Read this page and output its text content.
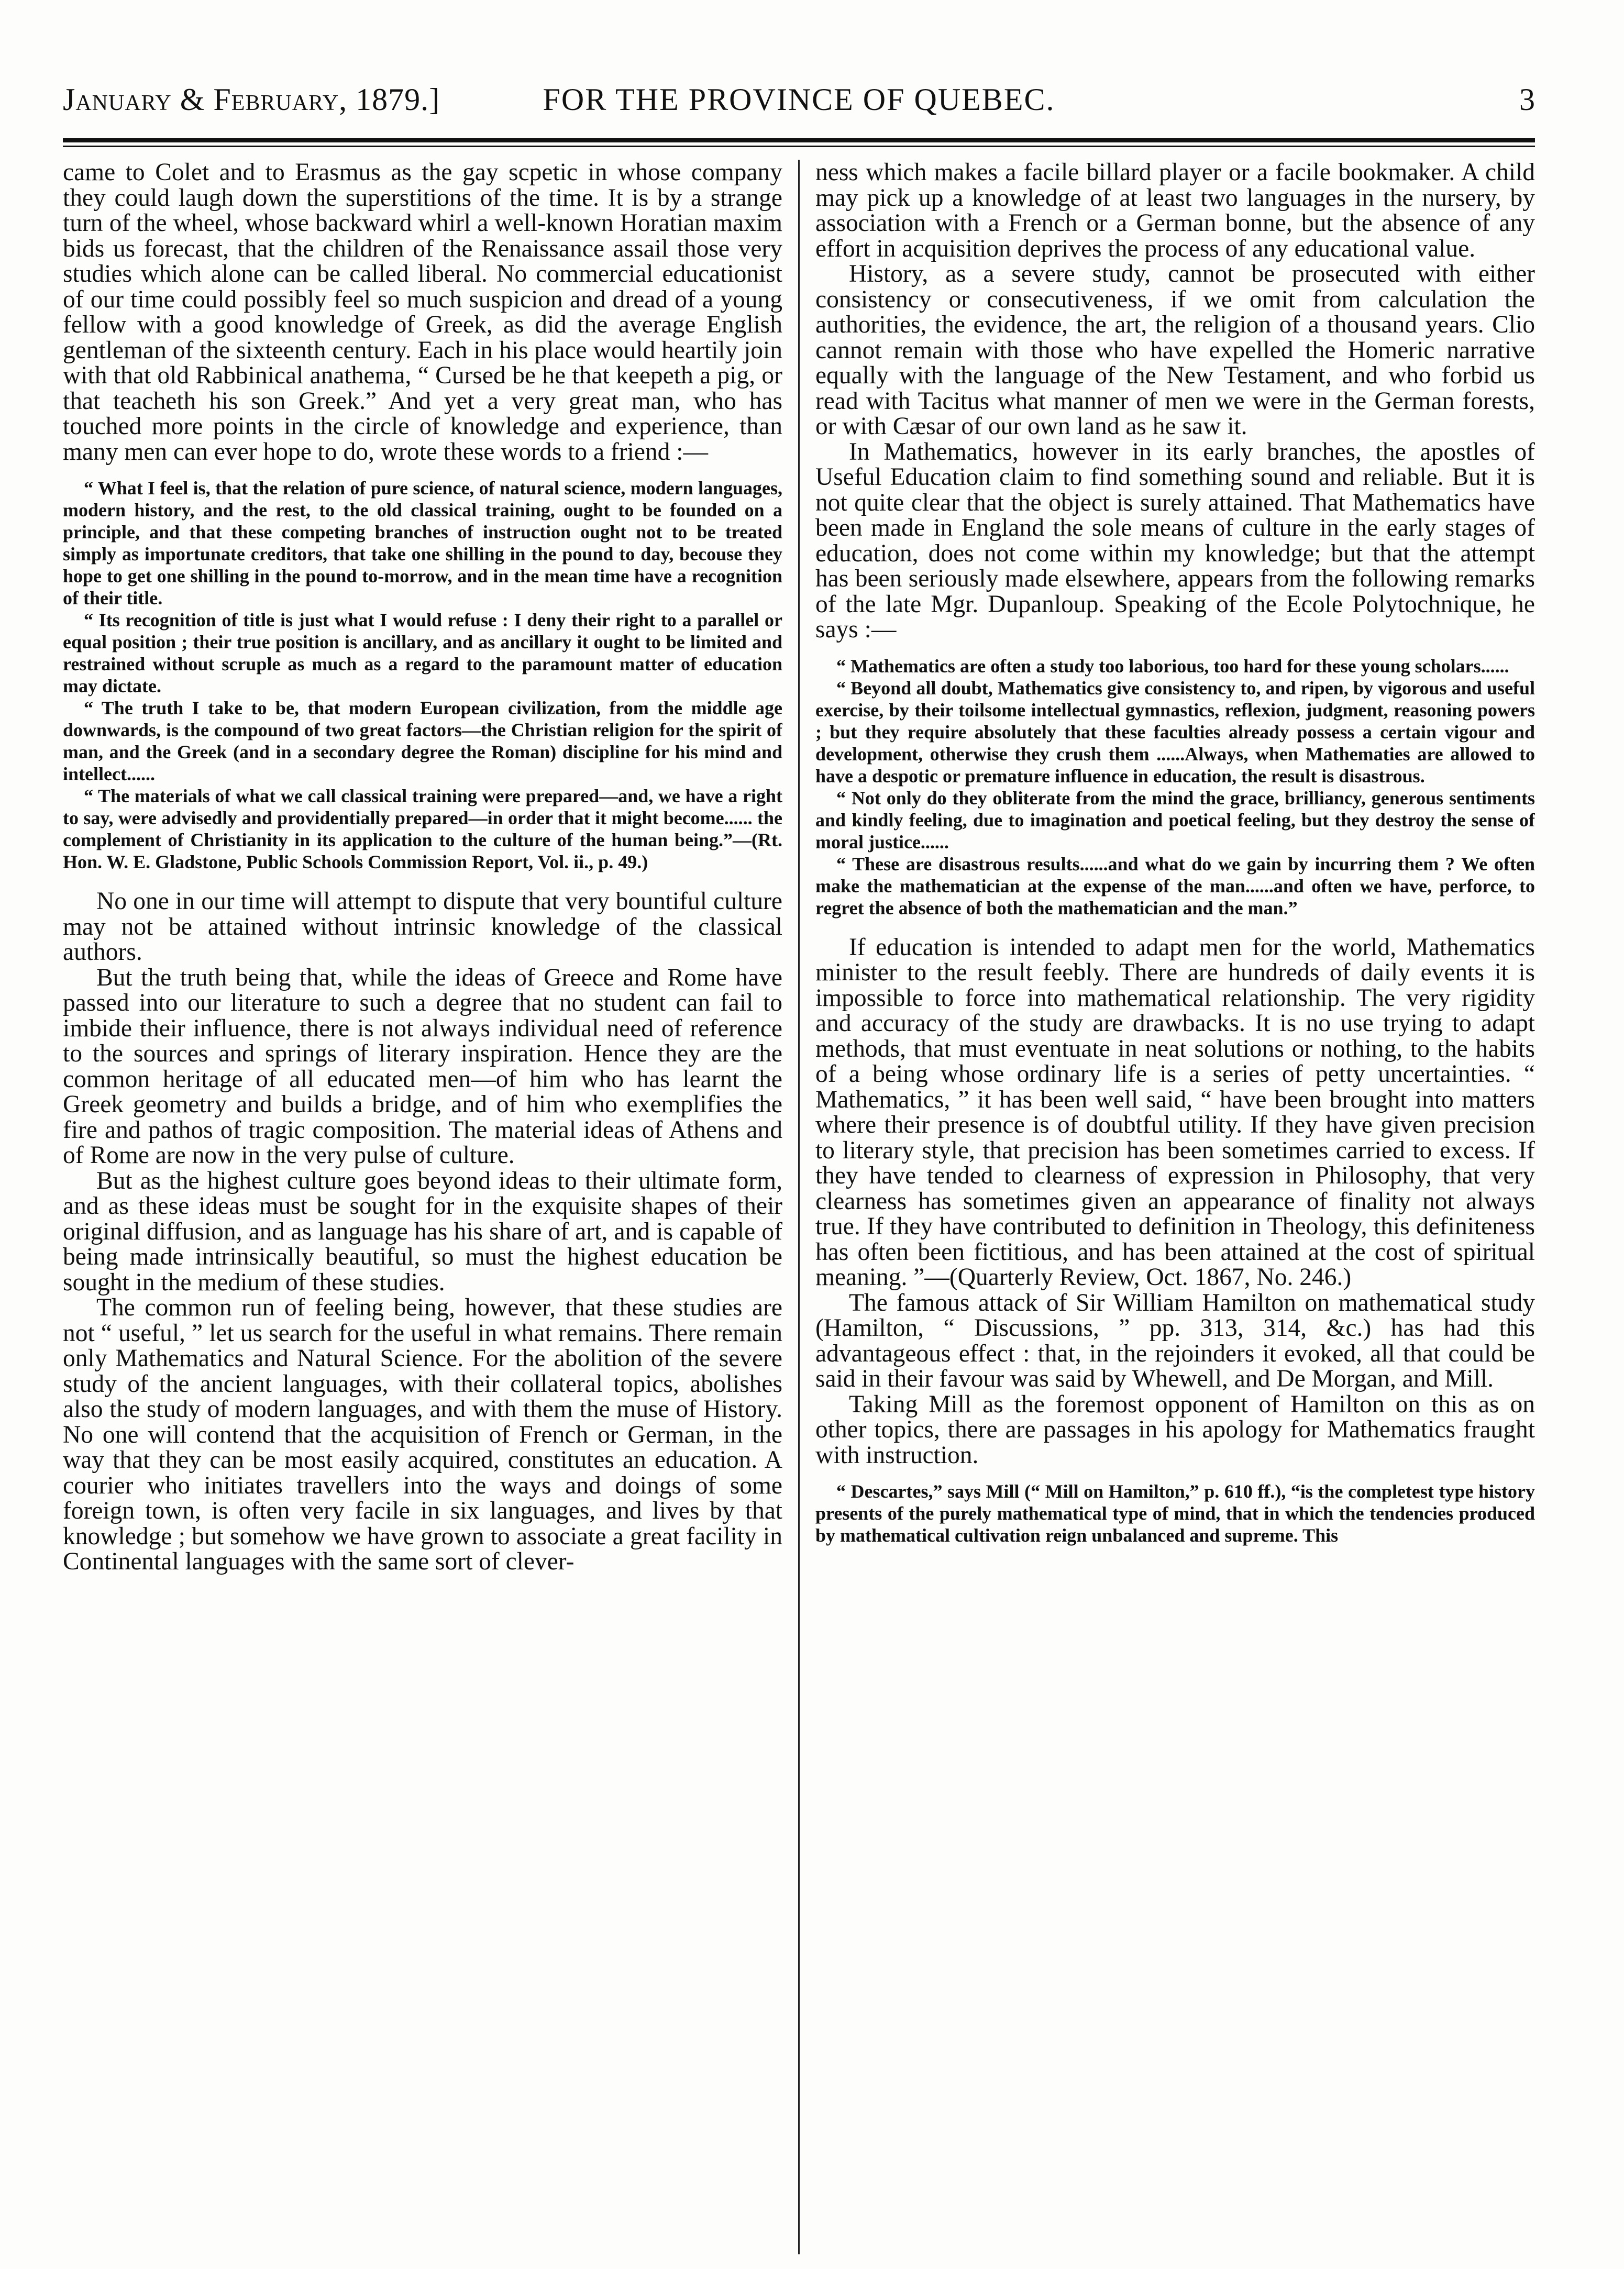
January & February, 1879.]	FOR THE PROVINCE OF QUEBEC.	3

came to Colet and to Erasmus as the gay scpetic in whose company they could laugh down the superstitions of the time. It is by a strange turn of the wheel, whose backward whirl a well-known Horatian maxim bids us forecast, that the children of the Renaissance assail those very studies which alone can be called liberal. No commercial educationist of our time could possibly feel so much suspicion and dread of a young fellow with a good knowledge of Greek, as did the average English gentleman of the sixteenth century. Each in his place would heartily join with that old Rabbinical anathema, “ Cursed be he that keepeth a pig, or that teacheth his son Greek.” And yet a very great man, who has touched more points in the circle of knowledge and experience, than many men can ever hope to do, wrote these words to a friend :—

“ What I feel is, that the relation of pure science, of natural science, modern languages, modern history, and the rest, to the old classical training, ought to be founded on a principle, and that these competing branches of instruction ought not to be treated simply as importunate creditors, that take one shilling in the pound to day, becouse they hope to get one shilling in the pound to-morrow, and in the mean time have a recognition of their title.

“ Its recognition of title is just what I would refuse : I deny their right to a parallel or equal position ; their true position is ancillary, and as ancillary it ought to be limited and restrained without scruple as much as a regard to the paramount matter of education may dictate.

“ The truth I take to be, that modern European civilization, from the middle age downwards, is the compound of two great factors—the Christian religion for the spirit of man, and the Greek (and in a secondary degree the Roman) discipline for his mind and intellect......

“ The materials of what we call classical training were prepared—and, we have a right to say, were advisedly and providentially prepared—in order that it might become...... the complement of Christianity in its application to the culture of the human being.”—(Rt. Hon. W. E. Gladstone, Public Schools Commission Report, Vol. ii., p. 49.)

No one in our time will attempt to dispute that very bountiful culture may not be attained without intrinsic knowledge of the classical authors.

But the truth being that, while the ideas of Greece and Rome have passed into our literature to such a degree that no student can fail to imbide their influence, there is not always individual need of reference to the sources and springs of literary inspiration. Hence they are the common heritage of all educated men—of him who has learnt the Greek geometry and builds a bridge, and of him who exemplifies the fire and pathos of tragic composition. The material ideas of Athens and of Rome are now in the very pulse of culture.

But as the highest culture goes beyond ideas to their ultimate form, and as these ideas must be sought for in the exquisite shapes of their original diffusion, and as language has his share of art, and is capable of being made intrinsically beautiful, so must the highest education be sought in the medium of these studies.

The common run of feeling being, however, that these studies are not “ useful, ” let us search for the useful in what remains. There remain only Mathematics and Natural Science. For the abolition of the severe study of the ancient languages, with their collateral topics, abolishes also the study of modern languages, and with them the muse of History. No one will contend that the acquisition of French or German, in the way that they can be most easily acquired, constitutes an education. A courier who initiates travellers into the ways and doings of some foreign town, is often very facile in six languages, and lives by that knowledge ; but somehow we have grown to associate a great facility in Continental languages with the same sort of clever-

ness which makes a facile billard player or a facile bookmaker. A child may pick up a knowledge of at least two languages in the nursery, by association with a French or a German bonne, but the absence of any effort in acquisition deprives the process of any educational value.

History, as a severe study, cannot be prosecuted with either consistency or consecutiveness, if we omit from calculation the authorities, the evidence, the art, the religion of a thousand years. Clio cannot remain with those who have expelled the Homeric narrative equally with the language of the New Testament, and who forbid us read with Tacitus what manner of men we were in the German forests, or with Cæsar of our own land as he saw it.

In Mathematics, however in its early branches, the apostles of Useful Education claim to find something sound and reliable. But it is not quite clear that the object is surely attained. That Mathematics have been made in England the sole means of culture in the early stages of education, does not come within my knowledge; but that the attempt has been seriously made elsewhere, appears from the following remarks of the late Mgr. Dupanloup. Speaking of the Ecole Polytochnique, he says :—

“ Mathematics are often a study too laborious, too hard for these young scholars......

“ Beyond all doubt, Mathematics give consistency to, and ripen, by vigorous and useful exercise, by their toilsome intellectual gymnastics, reflexion, judgment, reasoning powers ; but they require absolutely that these faculties already possess a certain vigour and development, otherwise they crush them ......Always, when Mathematies are allowed to have a despotic or premature influence in education, the result is disastrous.

“ Not only do they obliterate from the mind the grace, brilliancy, generous sentiments and kindly feeling, due to imagination and poetical feeling, but they destroy the sense of moral justice......

“ These are disastrous results......and what do we gain by incurring them ? We often make the mathematician at the expense of the man......and often we have, perforce, to regret the absence of both the mathematician and the man.”

If education is intended to adapt men for the world, Mathematics minister to the result feebly. There are hundreds of daily events it is impossible to force into mathematical relationship. The very rigidity and accuracy of the study are drawbacks. It is no use trying to adapt methods, that must eventuate in neat solutions or nothing, to the habits of a being whose ordinary life is a series of petty uncertainties. “ Mathematics, ” it has been well said, “ have been brought into matters where their presence is of doubtful utility. If they have given precision to literary style, that precision has been sometimes carried to excess. If they have tended to clearness of expression in Philosophy, that very clearness has sometimes given an appearance of finality not always true. If they have contributed to definition in Theology, this definiteness has often been fictitious, and has been attained at the cost of spiritual meaning. ”—(Quarterly Review, Oct. 1867, No. 246.)

The famous attack of Sir William Hamilton on mathematical study (Hamilton, “ Discussions, ” pp. 313, 314, &c.) has had this advantageous effect : that, in the rejoinders it evoked, all that could be said in their favour was said by Whewell, and De Morgan, and Mill.

Taking Mill as the foremost opponent of Hamilton on this as on other topics, there are passages in his apology for Mathematics fraught with instruction.

“ Descartes,” says Mill (“ Mill on Hamilton,” p. 610 ff.), “is the completest type history presents of the purely mathematical type of mind, that in which the tendencies produced by mathematical cultivation reign unbalanced and supreme. This
